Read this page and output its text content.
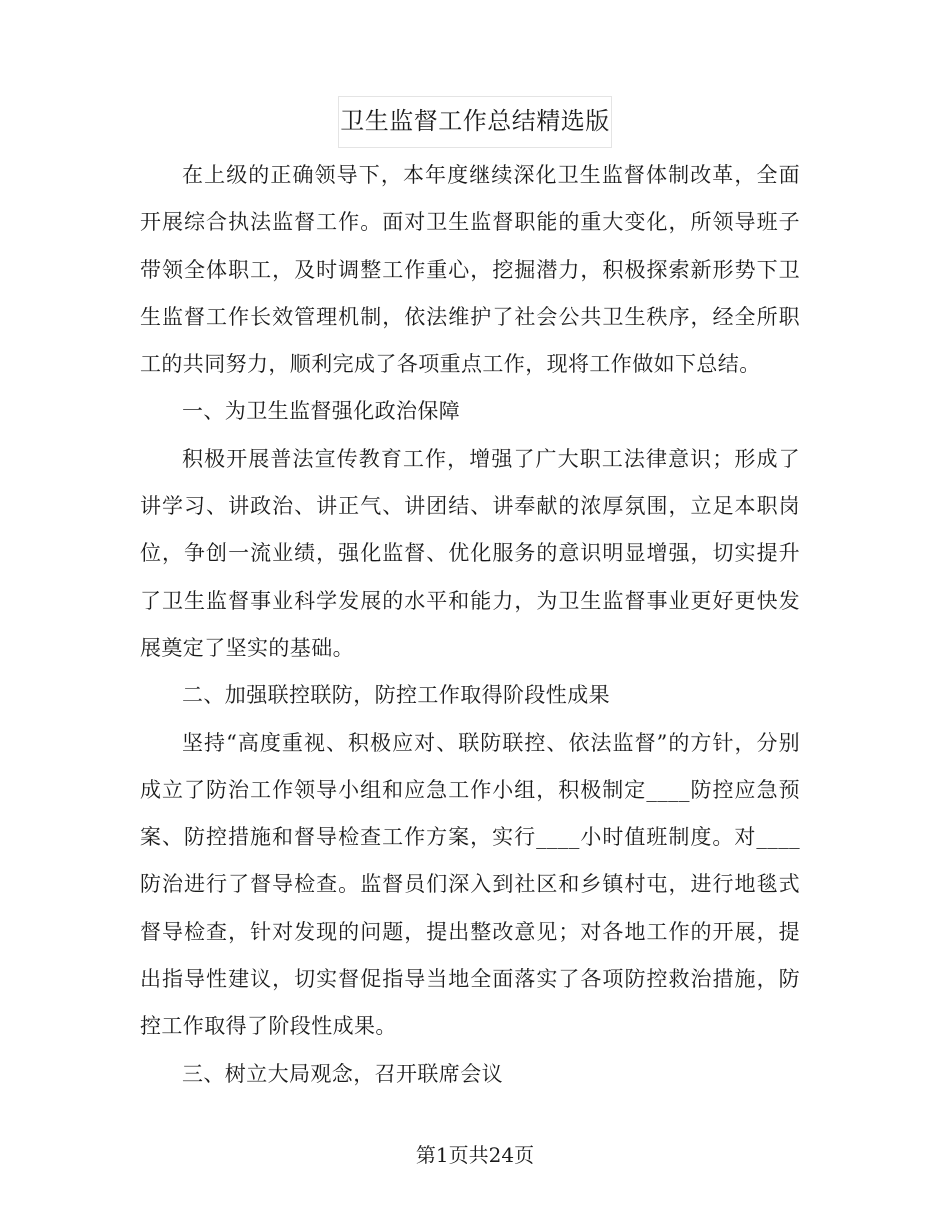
卫生监督工作总结精选版

在上级的正确领导下，本年度继续深化卫生监督体制改革，全面开展综合执法监督工作。面对卫生监督职能的重大变化，所领导班子带领全体职工，及时调整工作重心，挖掘潜力，积极探索新形势下卫生监督工作长效管理机制，依法维护了社会公共卫生秩序，经全所职工的共同努力，顺利完成了各项重点工作，现将工作做如下总结。

一、为卫生监督强化政治保障

积极开展普法宣传教育工作，增强了广大职工法律意识；形成了讲学习、讲政治、讲正气、讲团结、讲奉献的浓厚氛围，立足本职岗位，争创一流业绩，强化监督、优化服务的意识明显增强，切实提升了卫生监督事业科学发展的水平和能力，为卫生监督事业更好更快发展奠定了坚实的基础。

二、加强联控联防，防控工作取得阶段性成果

坚持“高度重视、积极应对、联防联控、依法监督”的方针，分别成立了防治工作领导小组和应急工作小组，积极制定____防控应急预案、防控措施和督导检查工作方案，实行____小时值班制度。对____防治进行了督导检查。监督员们深入到社区和乡镇村屯，进行地毯式督导检查，针对发现的问题，提出整改意见；对各地工作的开展，提出指导性建议，切实督促指导当地全面落实了各项防控救治措施，防控工作取得了阶段性成果。

三、树立大局观念，召开联席会议

第1页共24页
